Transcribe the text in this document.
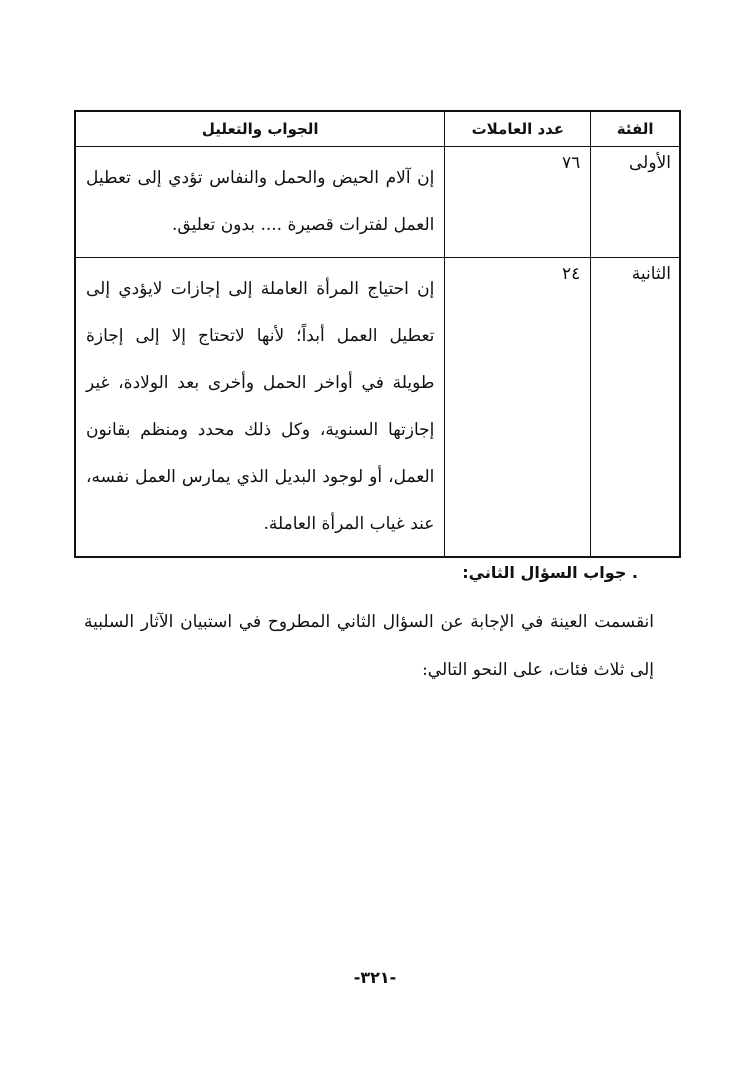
الفئة	عدد العاملات	الجواب والتعليل
الأولى	٧٦	إن آلام الحيض والحمل والنفاس تؤدي إلى تعطيل العمل لفترات قصيرة .... بدون تعليق.
الثانية	٢٤	إن احتياج المرأة العاملة إلى إجازات لايؤدي إلى تعطيل العمل أبداً؛ لأنها لاتحتاج إلا إلى إجازة طويلة في أواخر الحمل وأخرى بعد الولادة، غير إجازتها السنوية، وكل ذلك محدد ومنظم بقانون العمل، أو لوجود البديل الذي يمارس العمل نفسه، عند غياب المرأة العاملة.
. جواب السؤال الثاني:
انقسمت العينة في الإجابة عن السؤال الثاني المطروح في استبيان الآثار السلبية إلى ثلاث فئات، على النحو التالي:
-٣٢١-
